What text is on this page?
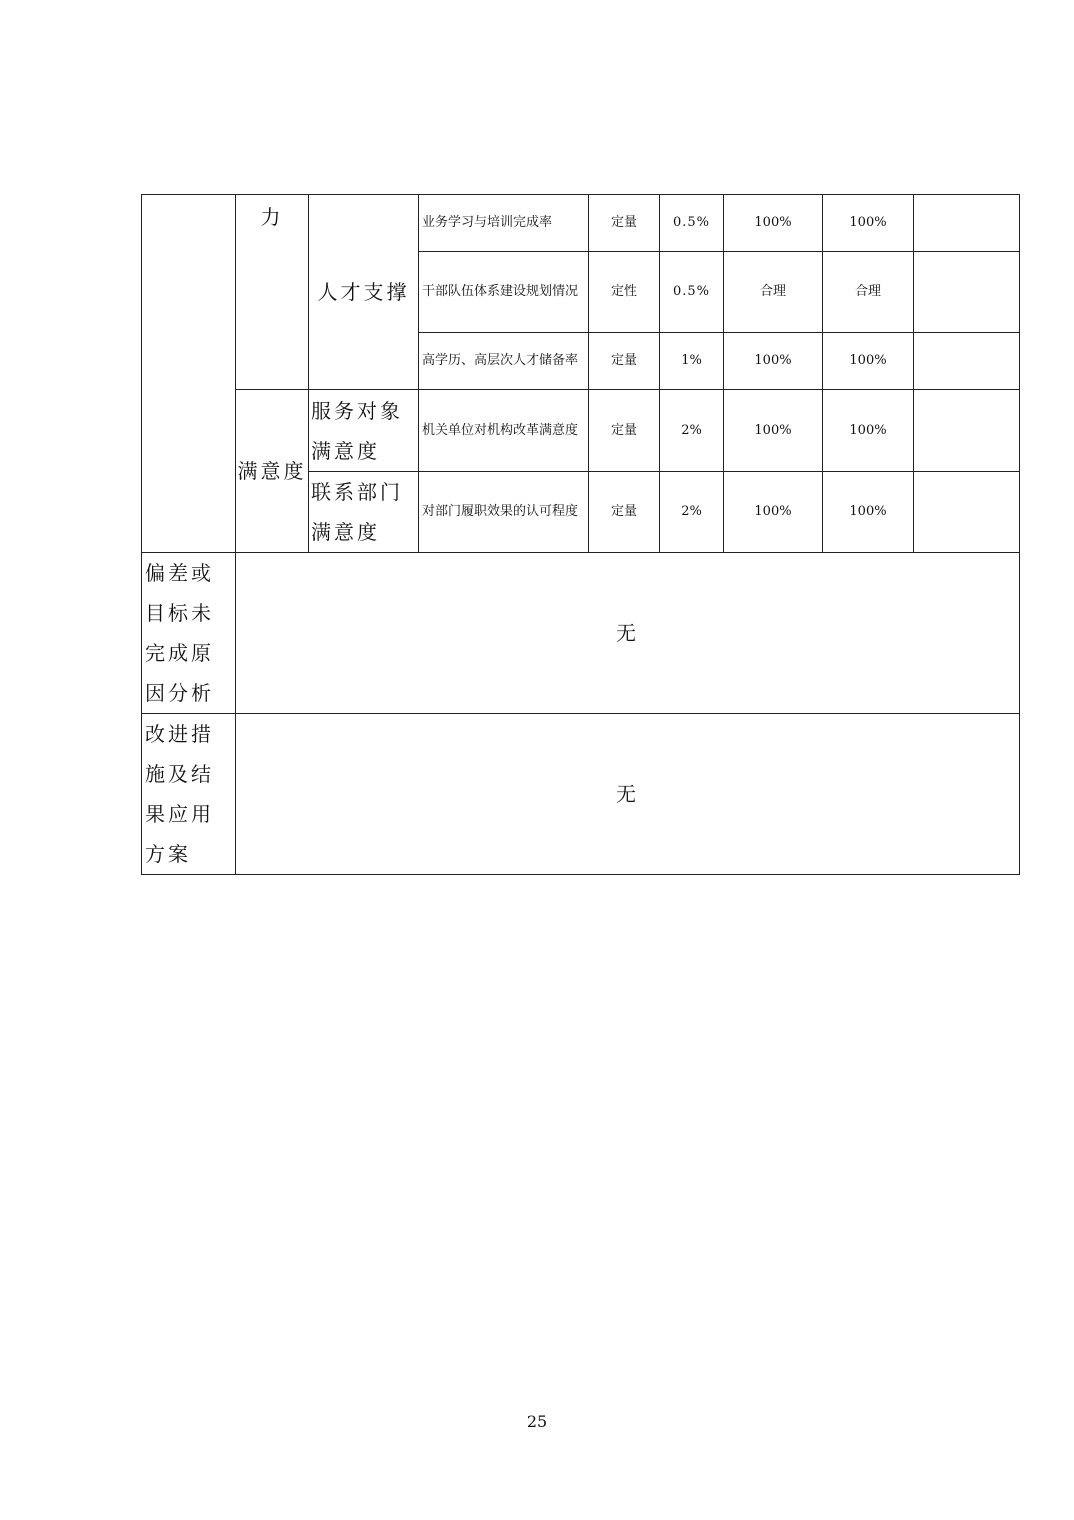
	力	人才支撑	业务学习与培训完成率	定量	0.5%	100%	100%	
			干部队伍体系建设规划情况	定性	0.5%	合理	合理	
			高学历、高层次人才储备率	定量	1%	100%	100%	
	满意度	服务对象满意度	机关单位对机构改革满意度	定量	2%	100%	100%	
		联系部门满意度	对部门履职效果的认可程度	定量	2%	100%	100%	
偏差或目标未完成原因分析	无							
改进措施及结果应用方案	无							
25
